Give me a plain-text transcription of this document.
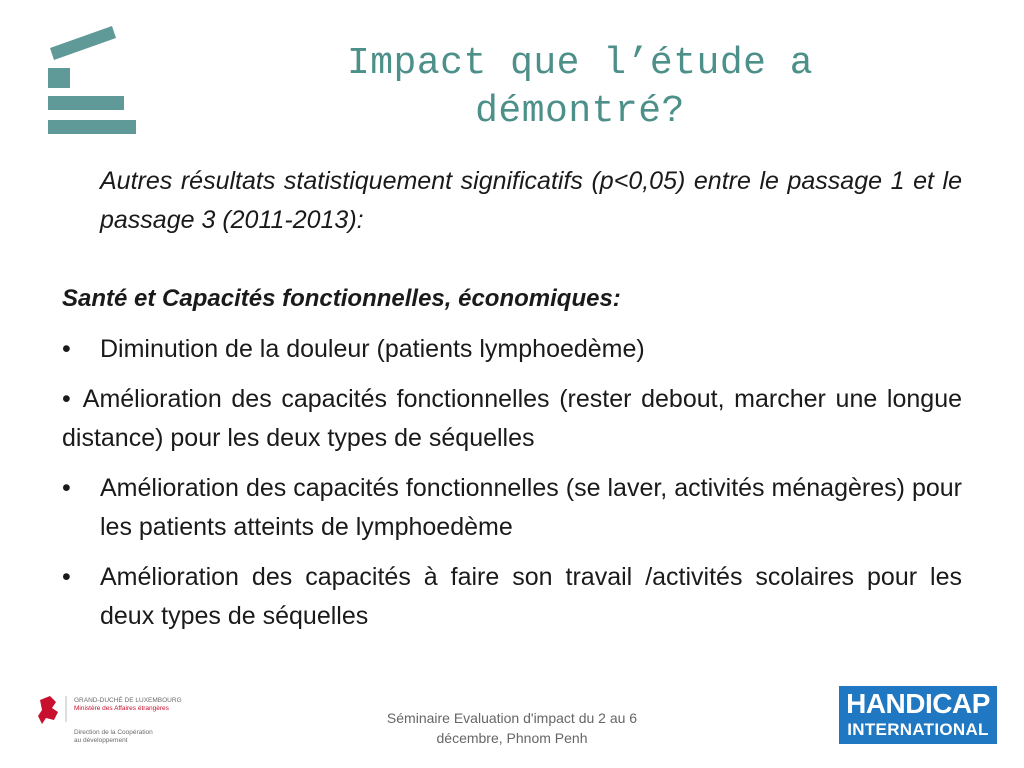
Impact que l’étude a démontré?
Autres résultats statistiquement significatifs (p<0,05) entre le passage 1 et le passage 3 (2011-2013):
Santé et Capacités fonctionnelles, économiques:
•	Diminution de la douleur (patients lymphoedème)
• Amélioration des capacités fonctionnelles (rester debout, marcher une longue distance) pour les deux types de séquelles
•	Amélioration des capacités fonctionnelles (se laver, activités ménagères) pour les patients atteints de lymphoedème
•	Amélioration des capacités à faire son travail /activités scolaires pour les deux types de séquelles
GRAND-DUCHÉ DE LUXEMBOURG
Ministère des Affaires étrangères
Direction de la Coopération
au développement
Séminaire Evaluation d'impact du 2 au 6 décembre, Phnom Penh
HANDICAP
INTERNATIONAL
